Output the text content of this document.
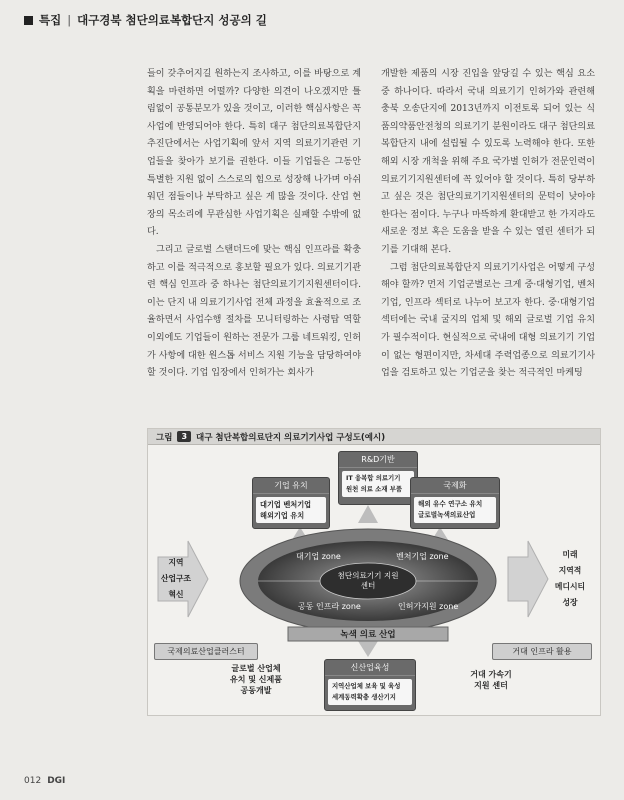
특집 | 대구경북 첨단의료복합단지 성공의 길

들이 갖추어지길 원하는지 조사하고, 이를 바탕으로 계획을 마련하면 어떨까? 다양한 의견이 나오겠지만 틀림없이 공통분모가 있을 것이고, 이러한 핵심사항은 꼭 사업에 반영되어야 한다. 특히 대구 첨단의료복합단지 추진단에서는 사업기획에 앞서 지역 의료기기관련 기업들을 찾아가 보기를 권한다. 이들 기업들은 그동안 특별한 지원 없이 스스로의 힘으로 성장해 나가며 아쉬워던 점들이나 부탁하고 싶은 게 많을 것이다. 산업 현장의 목소리에 무관심한 사업기획은 실패할 수밖에 없다.

그리고 글로벌 스탠더드에 맞는 핵심 인프라를 확충하고 이를 적극적으로 홍보할 필요가 있다. 의료기기관련 핵심 인프라 중 하나는 첨단의료기기지원센터이다. 이는 단지 내 의료기기사업 전체 과정을 효율적으로 조율하면서 사업수행 절차를 모니터링하는 사령탑 역할 이외에도 기업들이 원하는 전문가 그룹 네트워킹, 인허가 사항에 대한 원스톱 서비스 지원 기능을 담당하여야 할 것이다. 기업 입장에서 인허가는 회사가

개발한 제품의 시장 진입을 앞당길 수 있는 핵심 요소 중 하나이다. 따라서 국내 의료기기 인허가와 관련해 충북 오송단지에 2013년까지 이전토록 되어 있는 식품의약품안전청의 의료기기 분원이라도 대구 첨단의료복합단지 내에 설립될 수 있도록 노력해야 한다. 또한 해외 시장 개척을 위해 주요 국가별 인허가 전문인력이 의료기기지원센터에 꼭 있어야 할 것이다. 특히 당부하고 싶은 것은 첨단의료기기지원센터의 문턱이 낮아야 한다는 점이다. 누구나 마뜩하게 환대받고 한 가지라도 새로운 정보 혹은 도움을 받을 수 있는 열린 센터가 되기를 기대해 본다.

그럼 첨단의료복합단지 의료기기사업은 어떻게 구성해야 할까? 먼저 기업군별로는 크게 중·대형기업, 벤처기업, 인프라 섹터로 나누어 보고자 한다. 중·대형기업 섹터에는 국내 굴지의 업체 및 해외 글로벌 기업 유치가 필수적이다. 현실적으로 국내에 대형 의료기기 기업이 없는 형편이지만, 차세대 주력업종으로 의료기기사업을 검토하고 있는 기업군을 찾는 적극적인 마케팅

그림	3	대구 첨단복합의료단지 의료기기사업 구성도(예시)
기업 유치
대기업 벤처기업
해외기업 유치
R&D기반
IT 융복합 의료기기
원천 의료 소재 부품	국제화
해외 유수 연구소 유치
글로벌녹색의료산업
대기업 zone	벤처기업 zone
공동 인프라 zone	인허가지원 zone
첨단의료기기 지원센터
녹색 의료 산업
지역
산업구조
혁신
미래
지역적
메디시티
성장
국제의료산업클러스터	거대 인프라 활용
글로벌 산업체
유치 및 신제품
공동개발
거대 가속기
지원 센터
신산업육성
지역산업체 보육 및 육성
세계동력확충 생산기지
012 DGI
